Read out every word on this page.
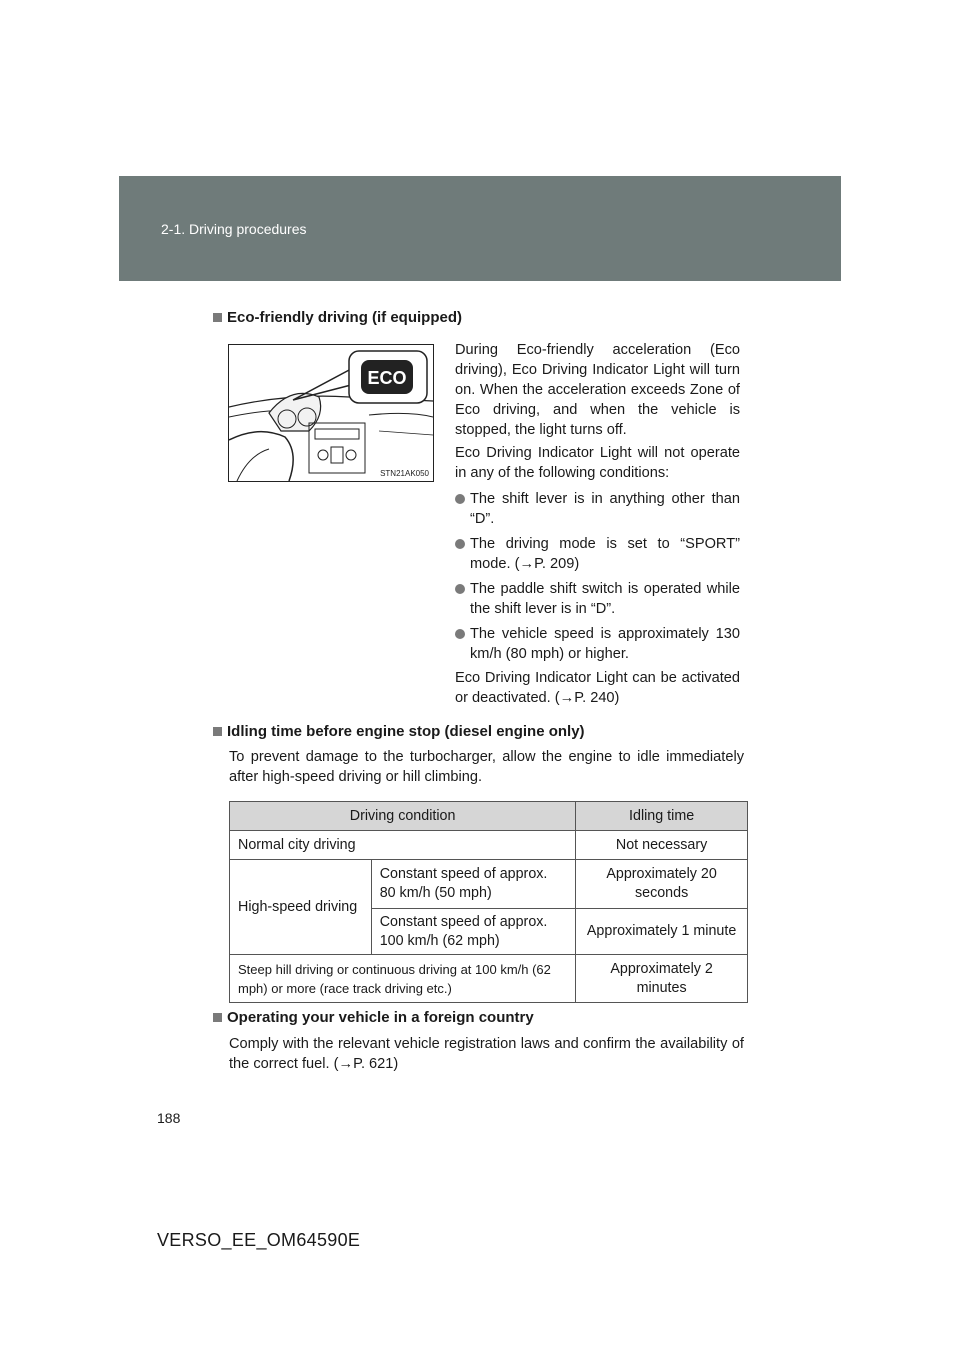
2-1. Driving procedures
Eco-friendly driving (if equipped)
ECO
STN21AK050
During Eco-friendly acceleration (Eco driving), Eco Driving Indicator Light will turn on. When the acceleration exceeds Zone of Eco driving, and when the vehicle is stopped, the light turns off.
Eco Driving Indicator Light will not operate in any of the following conditions:
The shift lever is in anything other than “D”.
The driving mode is set to “SPORT” mode. (→P. 209)
The paddle shift switch is operated while the shift lever is in “D”.
The vehicle speed is approximately 130 km/h (80 mph) or higher.
Eco Driving Indicator Light can be activated or deactivated. (→P. 240)
Idling time before engine stop (diesel engine only)
To prevent damage to the turbocharger, allow the engine to idle immediately after high-speed driving or hill climbing.
Driving condition		Idling time
Normal city driving		Not necessary
High-speed driving	Constant speed of approx. 80 km/h (50 mph)	Approximately 20 seconds
	Constant speed of approx. 100 km/h (62 mph)	Approximately 1 minute
Steep hill driving or continuous driving at 100 km/h (62 mph) or more (race track driving etc.)		Approximately 2 minutes
Operating your vehicle in a foreign country
Comply with the relevant vehicle registration laws and confirm the availability of the correct fuel. (→P. 621)
188
VERSO_EE_OM64590E
